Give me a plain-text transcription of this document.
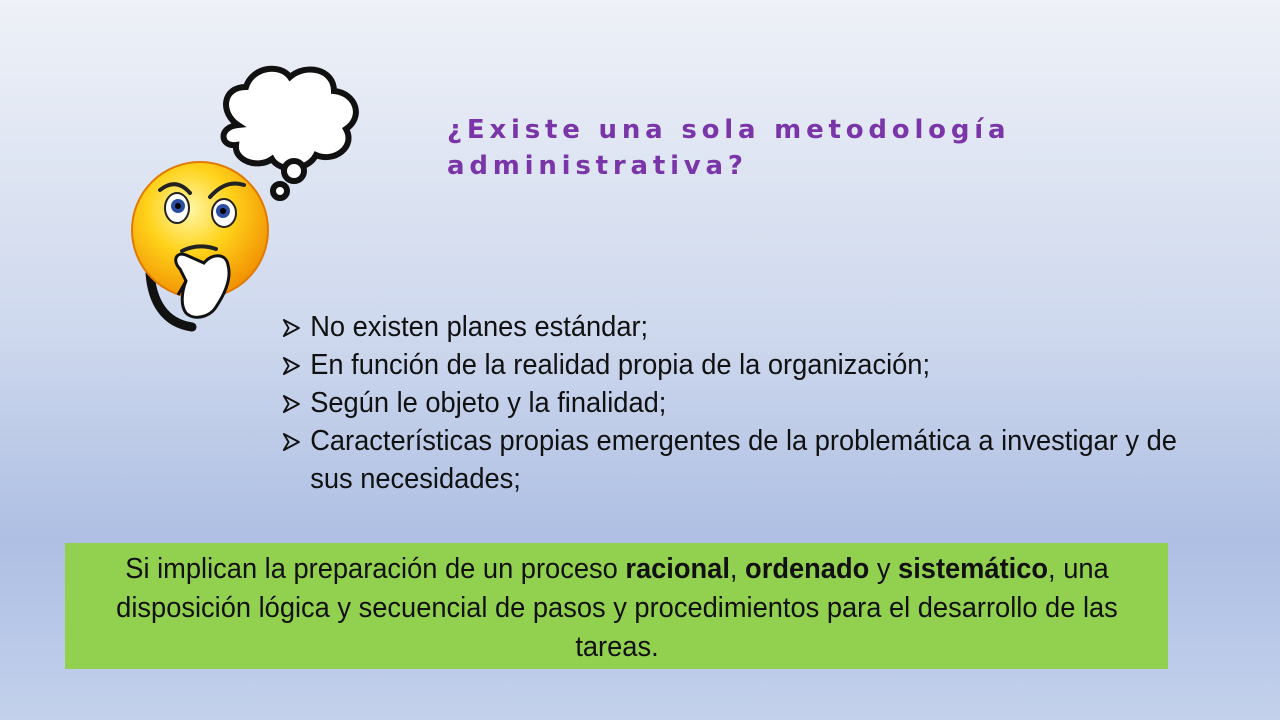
¿Existe una sola metodología
administrativa?
No existen planes estándar;
En función de la realidad propia de la organización;
Según le objeto y la finalidad;
Características propias emergentes de la problemática a investigar y de sus necesidades;
Si implican la preparación de un proceso racional, ordenado y sistemático, una disposición lógica y secuencial de pasos y procedimientos para el desarrollo de las tareas.
